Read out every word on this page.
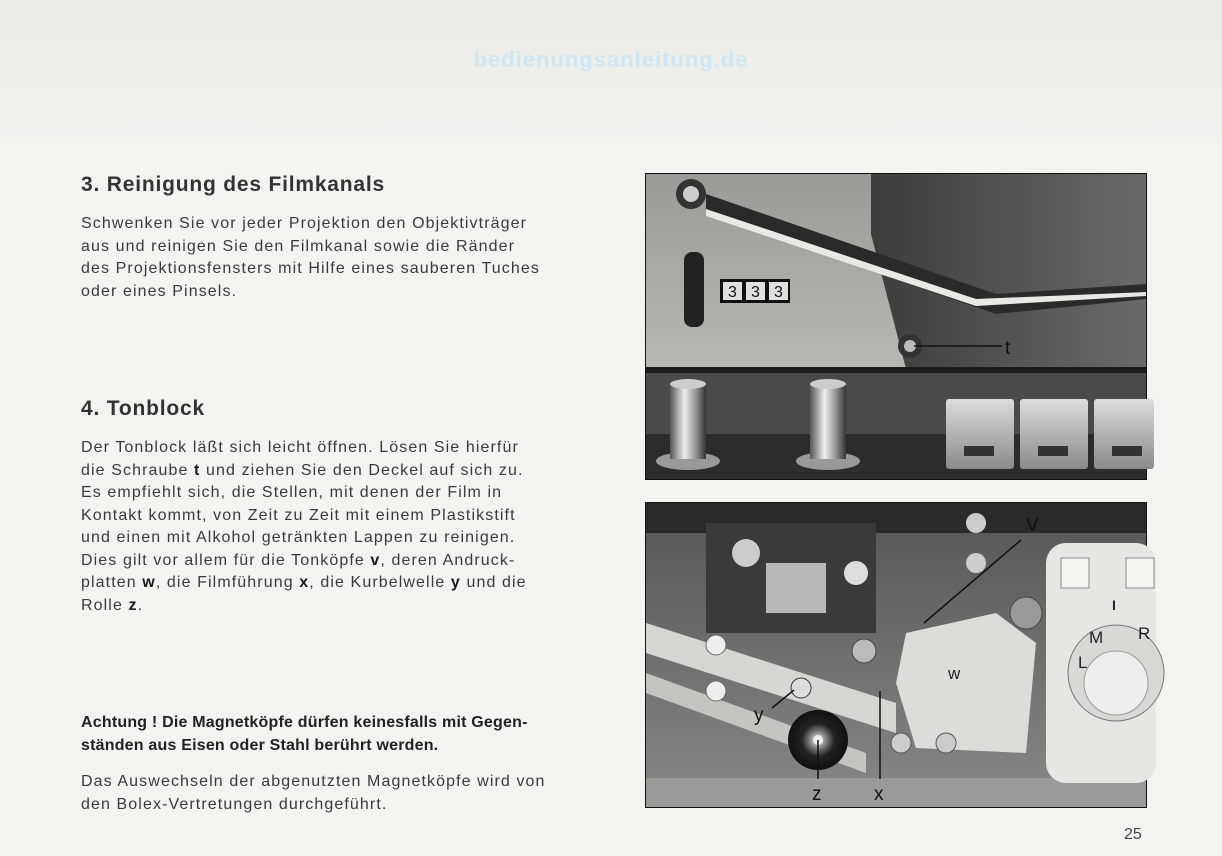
bedienungsanleitung.de
3. Reinigung des Filmkanals
Schwenken Sie vor jeder Projektion den Objektivträger
aus und reinigen Sie den Filmkanal sowie die Ränder
des Projektionsfensters mit Hilfe eines sauberen Tuches
oder eines Pinsels.
4. Tonblock
Der Tonblock läßt sich leicht öffnen. Lösen Sie hierfür
die Schraube t und ziehen Sie den Deckel auf sich zu.
Es empfiehlt sich, die Stellen, mit denen der Film in
Kontakt kommt, von Zeit zu Zeit mit einem Plastikstift
und einen mit Alkohol getränkten Lappen zu reinigen.
Dies gilt vor allem für die Tonköpfe v, deren Andruck-
platten w, die Filmführung x, die Kurbelwelle y und die
Rolle z.
Achtung ! Die Magnetköpfe dürfen keinesfalls mit Gegen-
ständen aus Eisen oder Stahl berührt werden.
Das Auswechseln der abgenutzten Magnetköpfe wird von
den Bolex-Vertretungen durchgeführt.
3 3 3
t
L
M R
I
V
w
y
z	x
25
